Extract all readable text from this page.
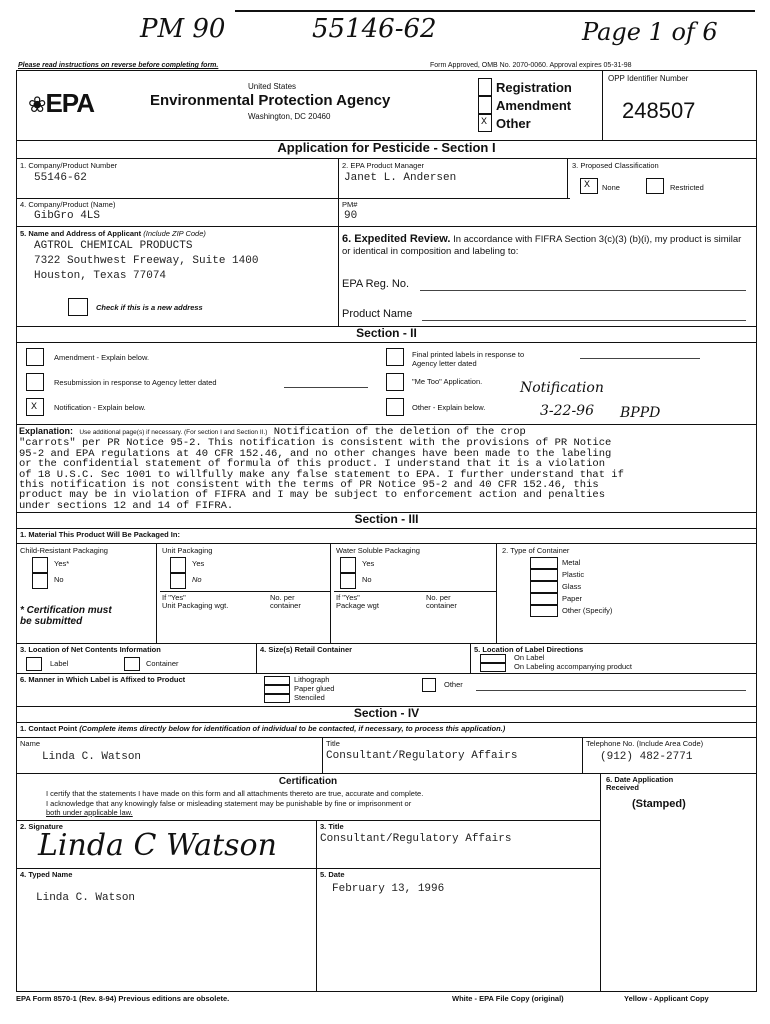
PM 90	55146-62	Page 1 of 6
Please read instructions on reverse before completing form.	Form Approved, OMB No. 2070-0060. Approval expires 05-31-98
❀EPA
United States
Environmental Protection Agency
Washington, DC 20460
X
Registration
Amendment
Other
OPP Identifier Number
248507
Application for Pesticide - Section I
1. Company/Product Number
55146-62
2. EPA Product Manager
Janet L. Andersen
3. Proposed Classification
X None	Restricted
4. Company/Product (Name)
GibGro 4LS
PM#
90
5. Name and Address of Applicant (Include ZIP Code)
AGTROL CHEMICAL PRODUCTS
7322 Southwest Freeway, Suite 1400
Houston, Texas 77074
Check if this is a new address
6. Expedited Review. In accordance with FIFRA Section 3(c)(3) (b)(i), my product is similar or identical in composition and labeling to:
EPA Reg. No.
Product Name
Section - II
Amendment - Explain below.
Resubmission in response to Agency letter dated
X Notification - Explain below.
Final printed labels in response to
Agency letter dated
"Me Too" Application.
Other - Explain below.
Notification
3-22-96 BPPD
Explanation: Use additional page(s) if necessary. (For section I and Section II.) Notification of the deletion of the crop
"carrots" per PR Notice 95-2. This notification is consistent with the provisions of PR Notice
95-2 and EPA regulations at 40 CFR 152.46, and no other changes have been made to the labeling
or the confidential statement of formula of this product. I understand that it is a violation
of 18 U.S.C. Sec 1001 to willfully make any false statement to EPA. I further understand that if
this notification is not consistent with the terms of PR Notice 95-2 and 40 CFR 152.46, this
product may be in violation of FIFRA and I may be subject to enforcement action and penalties
under sections 12 and 14 of FIFRA.
Section - III
1. Material This Product Will Be Packaged In:
Child-Resistant Packaging
Yes*
No
* Certification must
be submitted
Unit Packaging
Yes
No
If "Yes"
Unit Packaging wgt.
No. per
container
Water Soluble Packaging
Yes
No
If "Yes"
Package wgt
No. per
container
2. Type of Container
Metal
Plastic
Glass
Paper
Other (Specify)
3. Location of Net Contents Information
Label	Container
4. Size(s) Retail Container	5. Location of Label Directions
On Label
On Labeling accompanying product
6. Manner in Which Label is Affixed to Product	Lithograph
Paper glued
Stenciled
Other
Section - IV
1. Contact Point (Complete items directly below for identification of individual to be contacted, if necessary, to process this application.)
Name
Linda C. Watson
Title
Consultant/Regulatory Affairs
Telephone No. (Include Area Code)
(912) 482-2771
Certification
I certify that the statements I have made on this form and all attachments thereto are true, accurate and complete.
I acknowledge that any knowingly false or misleading statement may be punishable by fine or imprisonment or
both under applicable law.
6. Date Application
Received
(Stamped)
2. Signature
Linda C Watson
3. Title
Consultant/Regulatory Affairs
4. Typed Name
Linda C. Watson
5. Date
February 13, 1996
EPA Form 8570-1 (Rev. 8-94) Previous editions are obsolete.	White - EPA File Copy (original)	Yellow - Applicant Copy
